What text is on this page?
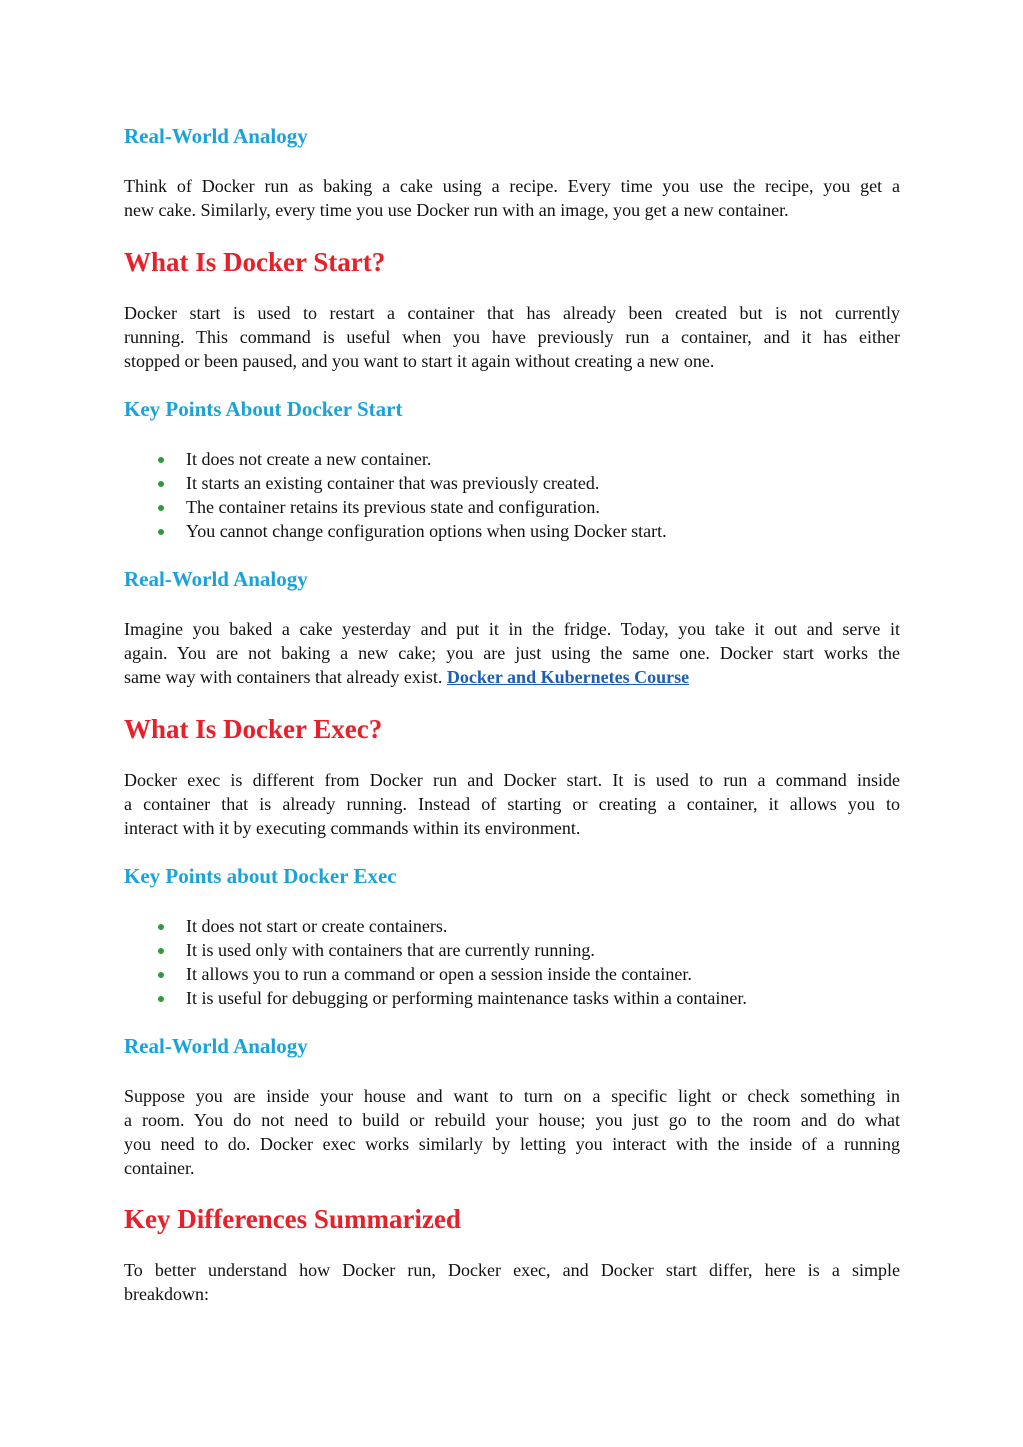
Real-World Analogy
Think of Docker run as baking a cake using a recipe. Every time you use the recipe, you get a
new cake. Similarly, every time you use Docker run with an image, you get a new container.
What Is Docker Start?
Docker start is used to restart a container that has already been created but is not currently
running. This command is useful when you have previously run a container, and it has either
stopped or been paused, and you want to start it again without creating a new one.
Key Points About Docker Start
It does not create a new container.
It starts an existing container that was previously created.
The container retains its previous state and configuration.
You cannot change configuration options when using Docker start.
Real-World Analogy
Imagine you baked a cake yesterday and put it in the fridge. Today, you take it out and serve it
again. You are not baking a new cake; you are just using the same one. Docker start works the
same way with containers that already exist. Docker and Kubernetes Course
What Is Docker Exec?
Docker exec is different from Docker run and Docker start. It is used to run a command inside
a container that is already running. Instead of starting or creating a container, it allows you to
interact with it by executing commands within its environment.
Key Points about Docker Exec
It does not start or create containers.
It is used only with containers that are currently running.
It allows you to run a command or open a session inside the container.
It is useful for debugging or performing maintenance tasks within a container.
Real-World Analogy
Suppose you are inside your house and want to turn on a specific light or check something in
a room. You do not need to build or rebuild your house; you just go to the room and do what
you need to do. Docker exec works similarly by letting you interact with the inside of a running
container.
Key Differences Summarized
To better understand how Docker run, Docker exec, and Docker start differ, here is a simple
breakdown:
